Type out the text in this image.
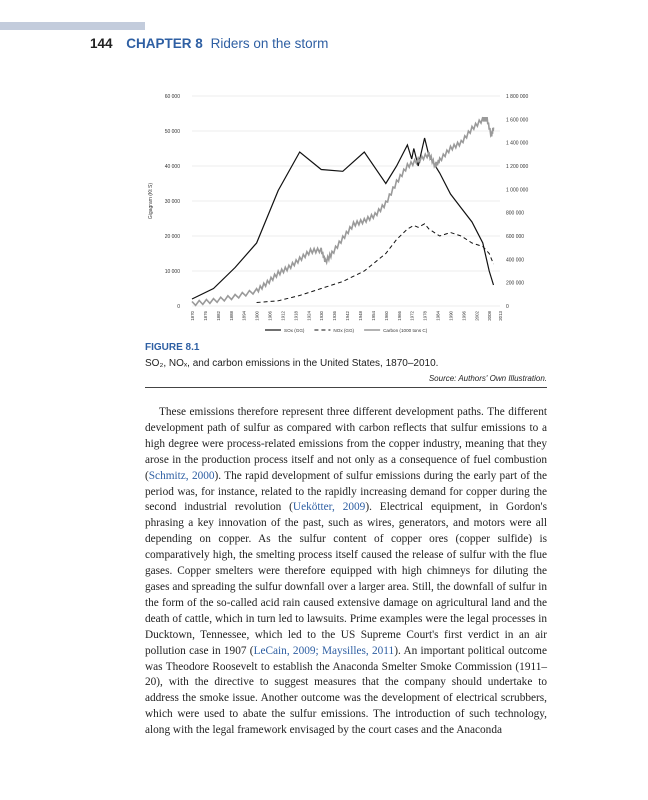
144 CHAPTER 8 Riders on the storm
60 000
50 000
40 000
30 000
20 000
10 000
0
1 800 000
1 600 000
1 400 000
1 200 000
1 000 000
800 000
600 000
400 000
200 000
0
Gigagram (Kt S)
1870 1876 1882 1888 1894 1900 1906 1912 1918 1924 1930 1936 1942 1948 1954 1960 1966 1972 1978 1984 1990 1996 2002 2008 2013
SOx (GG)	NOx (GG)	Carbon (1000 tons C)
FIGURE 8.1
SO₂, NOₓ, and carbon emissions in the United States, 1870–2010.
Source: Authors' Own Illustration.

These emissions therefore represent three different development paths. The different development path of sulfur as compared with carbon reflects that sulfur emissions to a high degree were process-related emissions from the copper industry, meaning that they arose in the production process itself and not only as a consequence of fuel combustion (Schmitz, 2000). The rapid development of sulfur emissions during the early part of the period was, for instance, related to the rapidly increasing demand for copper during the second industrial revolution (Uekötter, 2009). Electrical equipment, in Gordon's phrasing a key innovation of the past, such as wires, generators, and motors were all depending on copper. As the sulfur content of copper ores (copper sulfide) is comparatively high, the smelting process itself caused the release of sulfur with the flue gases. Copper smelters were therefore equipped with high chimneys for diluting the gases and spreading the sulfur downfall over a larger area. Still, the downfall of sulfur in the form of the so-called acid rain caused extensive damage on agricultural land and the death of cattle, which in turn led to lawsuits. Prime examples were the legal processes in Ducktown, Tennessee, which led to the US Supreme Court's first verdict in an air pollution case in 1907 (LeCain, 2009; Maysilles, 2011). An important political outcome was Theodore Roosevelt to establish the Anaconda Smelter Smoke Commission (1911–20), with the directive to suggest measures that the company should undertake to address the smoke issue. Another outcome was the development of electrical scrubbers, which were used to abate the sulfur emissions. The introduction of such technology, along with the legal framework envisaged by the court cases and the Anaconda
